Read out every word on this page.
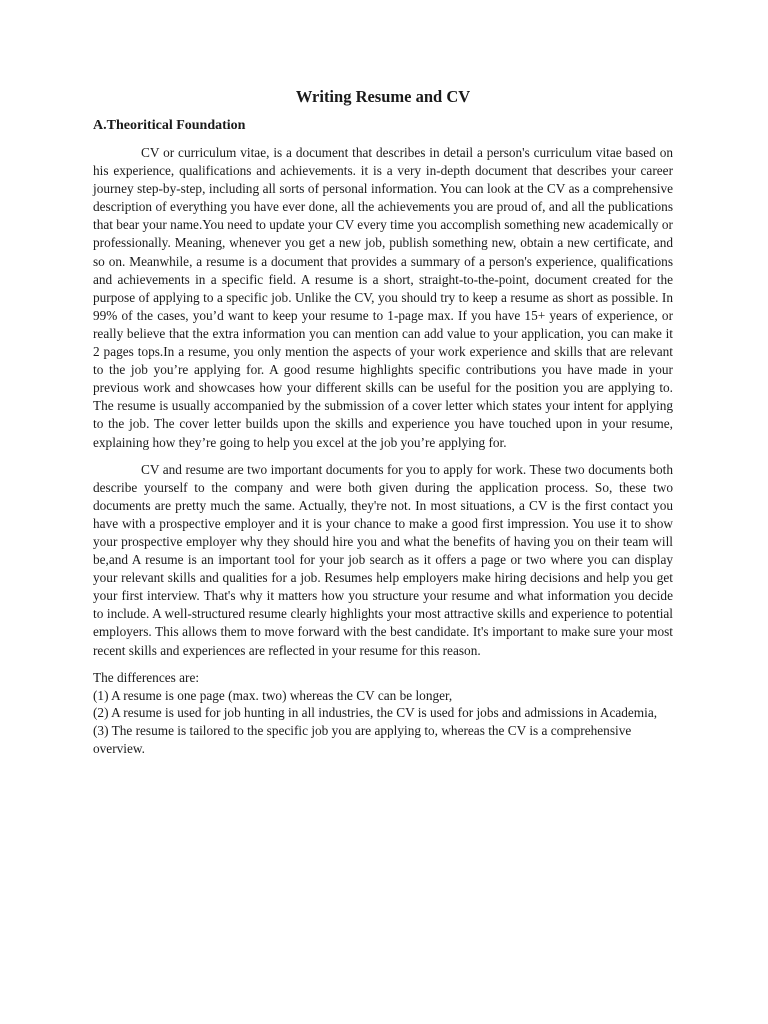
Writing Resume and CV
A.Theoritical Foundation

CV or curriculum vitae, is a document that describes in detail a person's curriculum vitae based on his experience, qualifications and achievements. it is a very in-depth document that describes your career journey step-by-step, including all sorts of personal information. You can look at the CV as a comprehensive description of everything you have ever done, all the achievements you are proud of, and all the publications that bear your name.You need to update your CV every time you accomplish something new academically or professionally. Meaning, whenever you get a new job, publish something new, obtain a new certificate, and so on. Meanwhile, a resume is a document that provides a summary of a person's experience, qualifications and achievements in a specific field. A resume is a short, straight-to-the-point, document created for the purpose of applying to a specific job. Unlike the CV, you should try to keep a resume as short as possible. In 99% of the cases, you’d want to keep your resume to 1-page max. If you have 15+ years of experience, or really believe that the extra information you can mention can add value to your application, you can make it 2 pages tops.In a resume, you only mention the aspects of your work experience and skills that are relevant to the job you’re applying for. A good resume highlights specific contributions you have made in your previous work and showcases how your different skills can be useful for the position you are applying to. The resume is usually accompanied by the submission of a cover letter which states your intent for applying to the job. The cover letter builds upon the skills and experience you have touched upon in your resume, explaining how they’re going to help you excel at the job you’re applying for.

CV and resume are two important documents for you to apply for work. These two documents both describe yourself to the company and were both given during the application process. So, these two documents are pretty much the same. Actually, they're not. In most situations, a CV is the first contact you have with a prospective employer and it is your chance to make a good first impression. You use it to show your prospective employer why they should hire you and what the benefits of having you on their team will be,and A resume is an important tool for your job search as it offers a page or two where you can display your relevant skills and qualities for a job. Resumes help employers make hiring decisions and help you get your first interview. That's why it matters how you structure your resume and what information you decide to include. A well-structured resume clearly highlights your most attractive skills and experience to potential employers. This allows them to move forward with the best candidate. It's important to make sure your most recent skills and experiences are reflected in your resume for this reason.

The differences are:

(1) A resume is one page (max. two) whereas the CV can be longer,
(2) A resume is used for job hunting in all industries, the CV is used for jobs and admissions in Academia,
(3) The resume is tailored to the specific job you are applying to, whereas the CV is a comprehensive overview.
